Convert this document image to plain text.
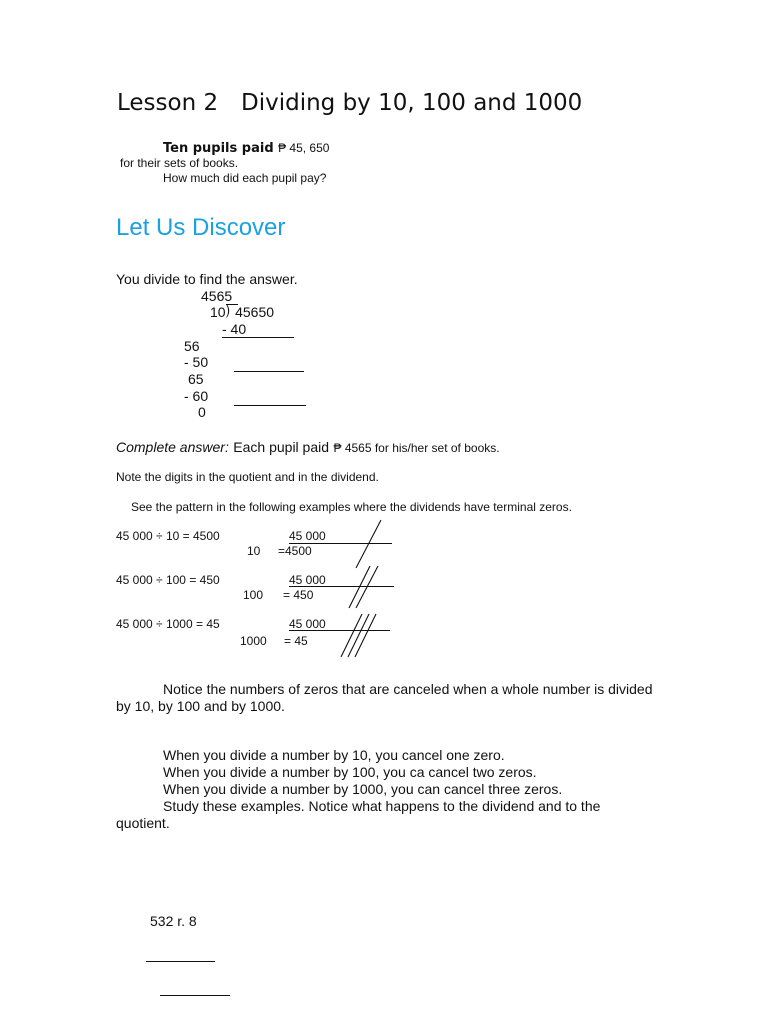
Lesson 2 Dividing by 10, 100 and 1000
Ten pupils paid ₱ 45, 650
for their sets of books.
How much did each pupil pay?
Let Us Discover
You divide to find the answer.
4565
10⟌ 45650
- 40
56
- 50
65
- 60
0
Complete answer: Each pupil paid ₱ 4565 for his/her set of books.
Note the digits in the quotient and in the dividend.
See the pattern in the following examples where the dividends have terminal zeros.
45 000 ÷ 10 = 4500	45 000
10 =4500
45 000 ÷ 100 = 450	45 000
100 = 450
45 000 ÷ 1000 = 45	45 000
1000 = 45
Notice the numbers of zeros that are canceled when a whole number is divided by 10, by 100 and by 1000.
When you divide a number by 10, you cancel one zero.
When you divide a number by 100, you ca cancel two zeros.
When you divide a number by 1000, you can cancel three zeros.
Study these examples. Notice what happens to the dividend and to the quotient.
532 r. 8
